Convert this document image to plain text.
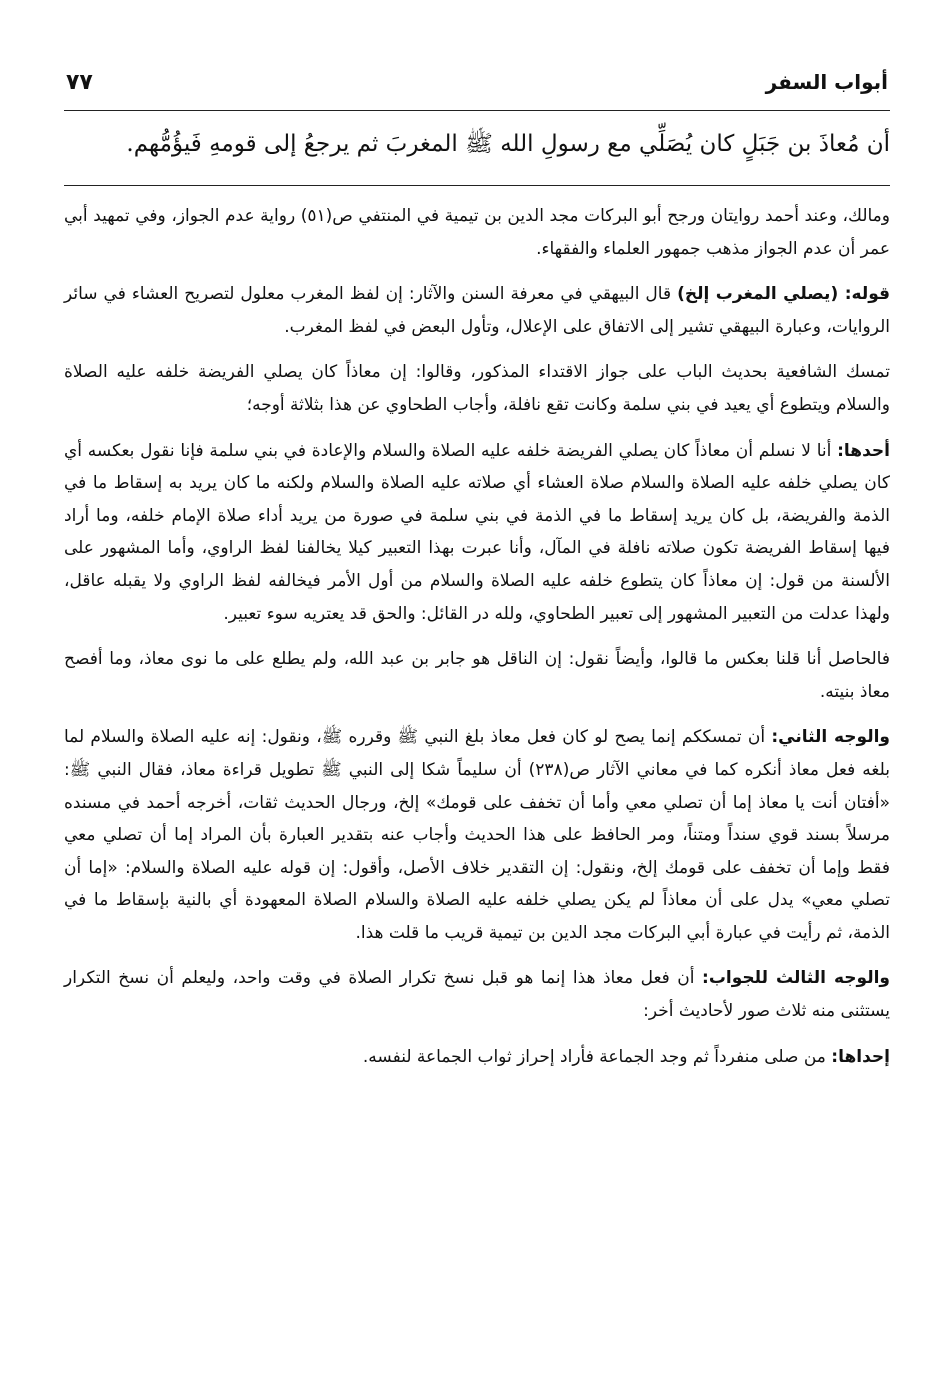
أبواب السفر
٧٧
أن مُعاذَ بن جَبَلٍ كان يُصَلِّي مع رسولِ الله ﷺ المغربَ ثم يرجعُ إلى قومهِ فَيؤُمُّهم.

ومالك، وعند أحمد روايتان ورجح أبو البركات مجد الدين بن تيمية في المنتفي ص(٥١) رواية عدم الجواز، وفي تمهيد أبي عمر أن عدم الجواز مذهب جمهور العلماء والفقهاء.

قوله: (يصلي المغرب إلخ) قال البيهقي في معرفة السنن والآثار: إن لفظ المغرب معلول لتصريح العشاء في سائر الروايات، وعبارة البيهقي تشير إلى الاتفاق على الإعلال، وتأول البعض في لفظ المغرب.

تمسك الشافعية بحديث الباب على جواز الاقتداء المذكور، وقالوا: إن معاذاً كان يصلي الفريضة خلفه عليه الصلاة والسلام ويتطوع أي يعيد في بني سلمة وكانت تقع نافلة، وأجاب الطحاوي عن هذا بثلاثة أوجه؛

أحدها: أنا لا نسلم أن معاذاً كان يصلي الفريضة خلفه عليه الصلاة والسلام والإعادة في بني سلمة فإنا نقول بعكسه أي كان يصلي خلفه عليه الصلاة والسلام صلاة العشاء أي صلاته عليه الصلاة والسلام ولكنه ما كان يريد به إسقاط ما في الذمة والفريضة، بل كان يريد إسقاط ما في الذمة في بني سلمة في صورة من يريد أداء صلاة الإمام خلفه، وما أراد فيها إسقاط الفريضة تكون صلاته نافلة في المآل، وأنا عبرت بهذا التعبير كيلا يخالفنا لفظ الراوي، وأما المشهور على الألسنة من قول: إن معاذاً كان يتطوع خلفه عليه الصلاة والسلام من أول الأمر فيخالفه لفظ الراوي ولا يقبله عاقل، ولهذا عدلت من التعبير المشهور إلى تعبير الطحاوي، ولله در القائل: والحق قد يعتريه سوء تعبير.

فالحاصل أنا قلنا بعكس ما قالوا، وأيضاً نقول: إن الناقل هو جابر بن عبد الله، ولم يطلع على ما نوى معاذ، وما أفصح معاذ بنيته.

والوجه الثاني: أن تمسككم إنما يصح لو كان فعل معاذ بلغ النبي ﷺ وقرره ﷺ، ونقول: إنه عليه الصلاة والسلام لما بلغه فعل معاذ أنكره كما في معاني الآثار ص(٢٣٨) أن سليماً شكا إلى النبي ﷺ تطويل قراءة معاذ، فقال النبي ﷺ: «أفتان أنت يا معاذ إما أن تصلي معي وأما أن تخفف على قومك» إلخ، ورجال الحديث ثقات، أخرجه أحمد في مسنده مرسلاً بسند قوي سنداً ومتناً، ومر الحافظ على هذا الحديث وأجاب عنه بتقدير العبارة بأن المراد إما أن تصلي معي فقط وإما أن تخفف على قومك إلخ، ونقول: إن التقدير خلاف الأصل، وأقول: إن قوله عليه الصلاة والسلام: «إما أن تصلي معي» يدل على أن معاذاً لم يكن يصلي خلفه عليه الصلاة والسلام الصلاة المعهودة أي بالنية بإسقاط ما في الذمة، ثم رأيت في عبارة أبي البركات مجد الدين بن تيمية قريب ما قلت هذا.

والوجه الثالث للجواب: أن فعل معاذ هذا إنما هو قبل نسخ تكرار الصلاة في وقت واحد، وليعلم أن نسخ التكرار يستثنى منه ثلاث صور لأحاديث أخر:

إحداها: من صلى منفرداً ثم وجد الجماعة فأراد إحراز ثواب الجماعة لنفسه.
